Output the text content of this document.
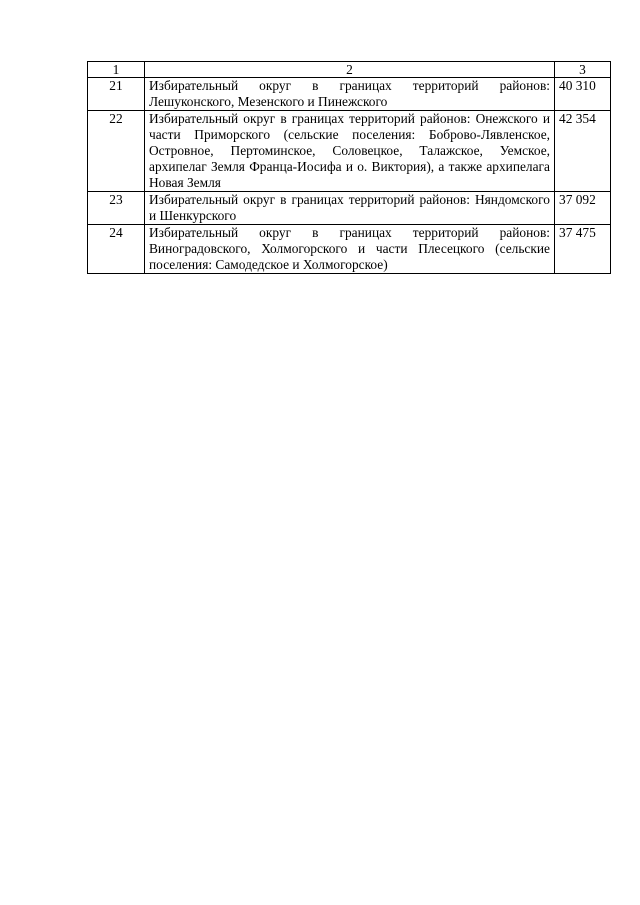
1	2	3
21	Избирательный округ в границах территорий районов: Лешуконского, Мезенского и Пинежского	40 310
22	Избирательный округ в границах территорий районов: Онежского и части Приморского (сельские поселения: Боброво-Лявленское, Островное, Пертоминское, Соловецкое, Талажское, Уемское, архипелаг Земля Франца-Иосифа и о. Виктория), а также архипелага Новая Земля	42 354
23	Избирательный округ в границах территорий районов: Няндомского и Шенкурского	37 092
24	Избирательный округ в границах территорий районов: Виноградовского, Холмогорского и части Плесецкого (сельские поселения: Самодедское и Холмогорское)	37 475
